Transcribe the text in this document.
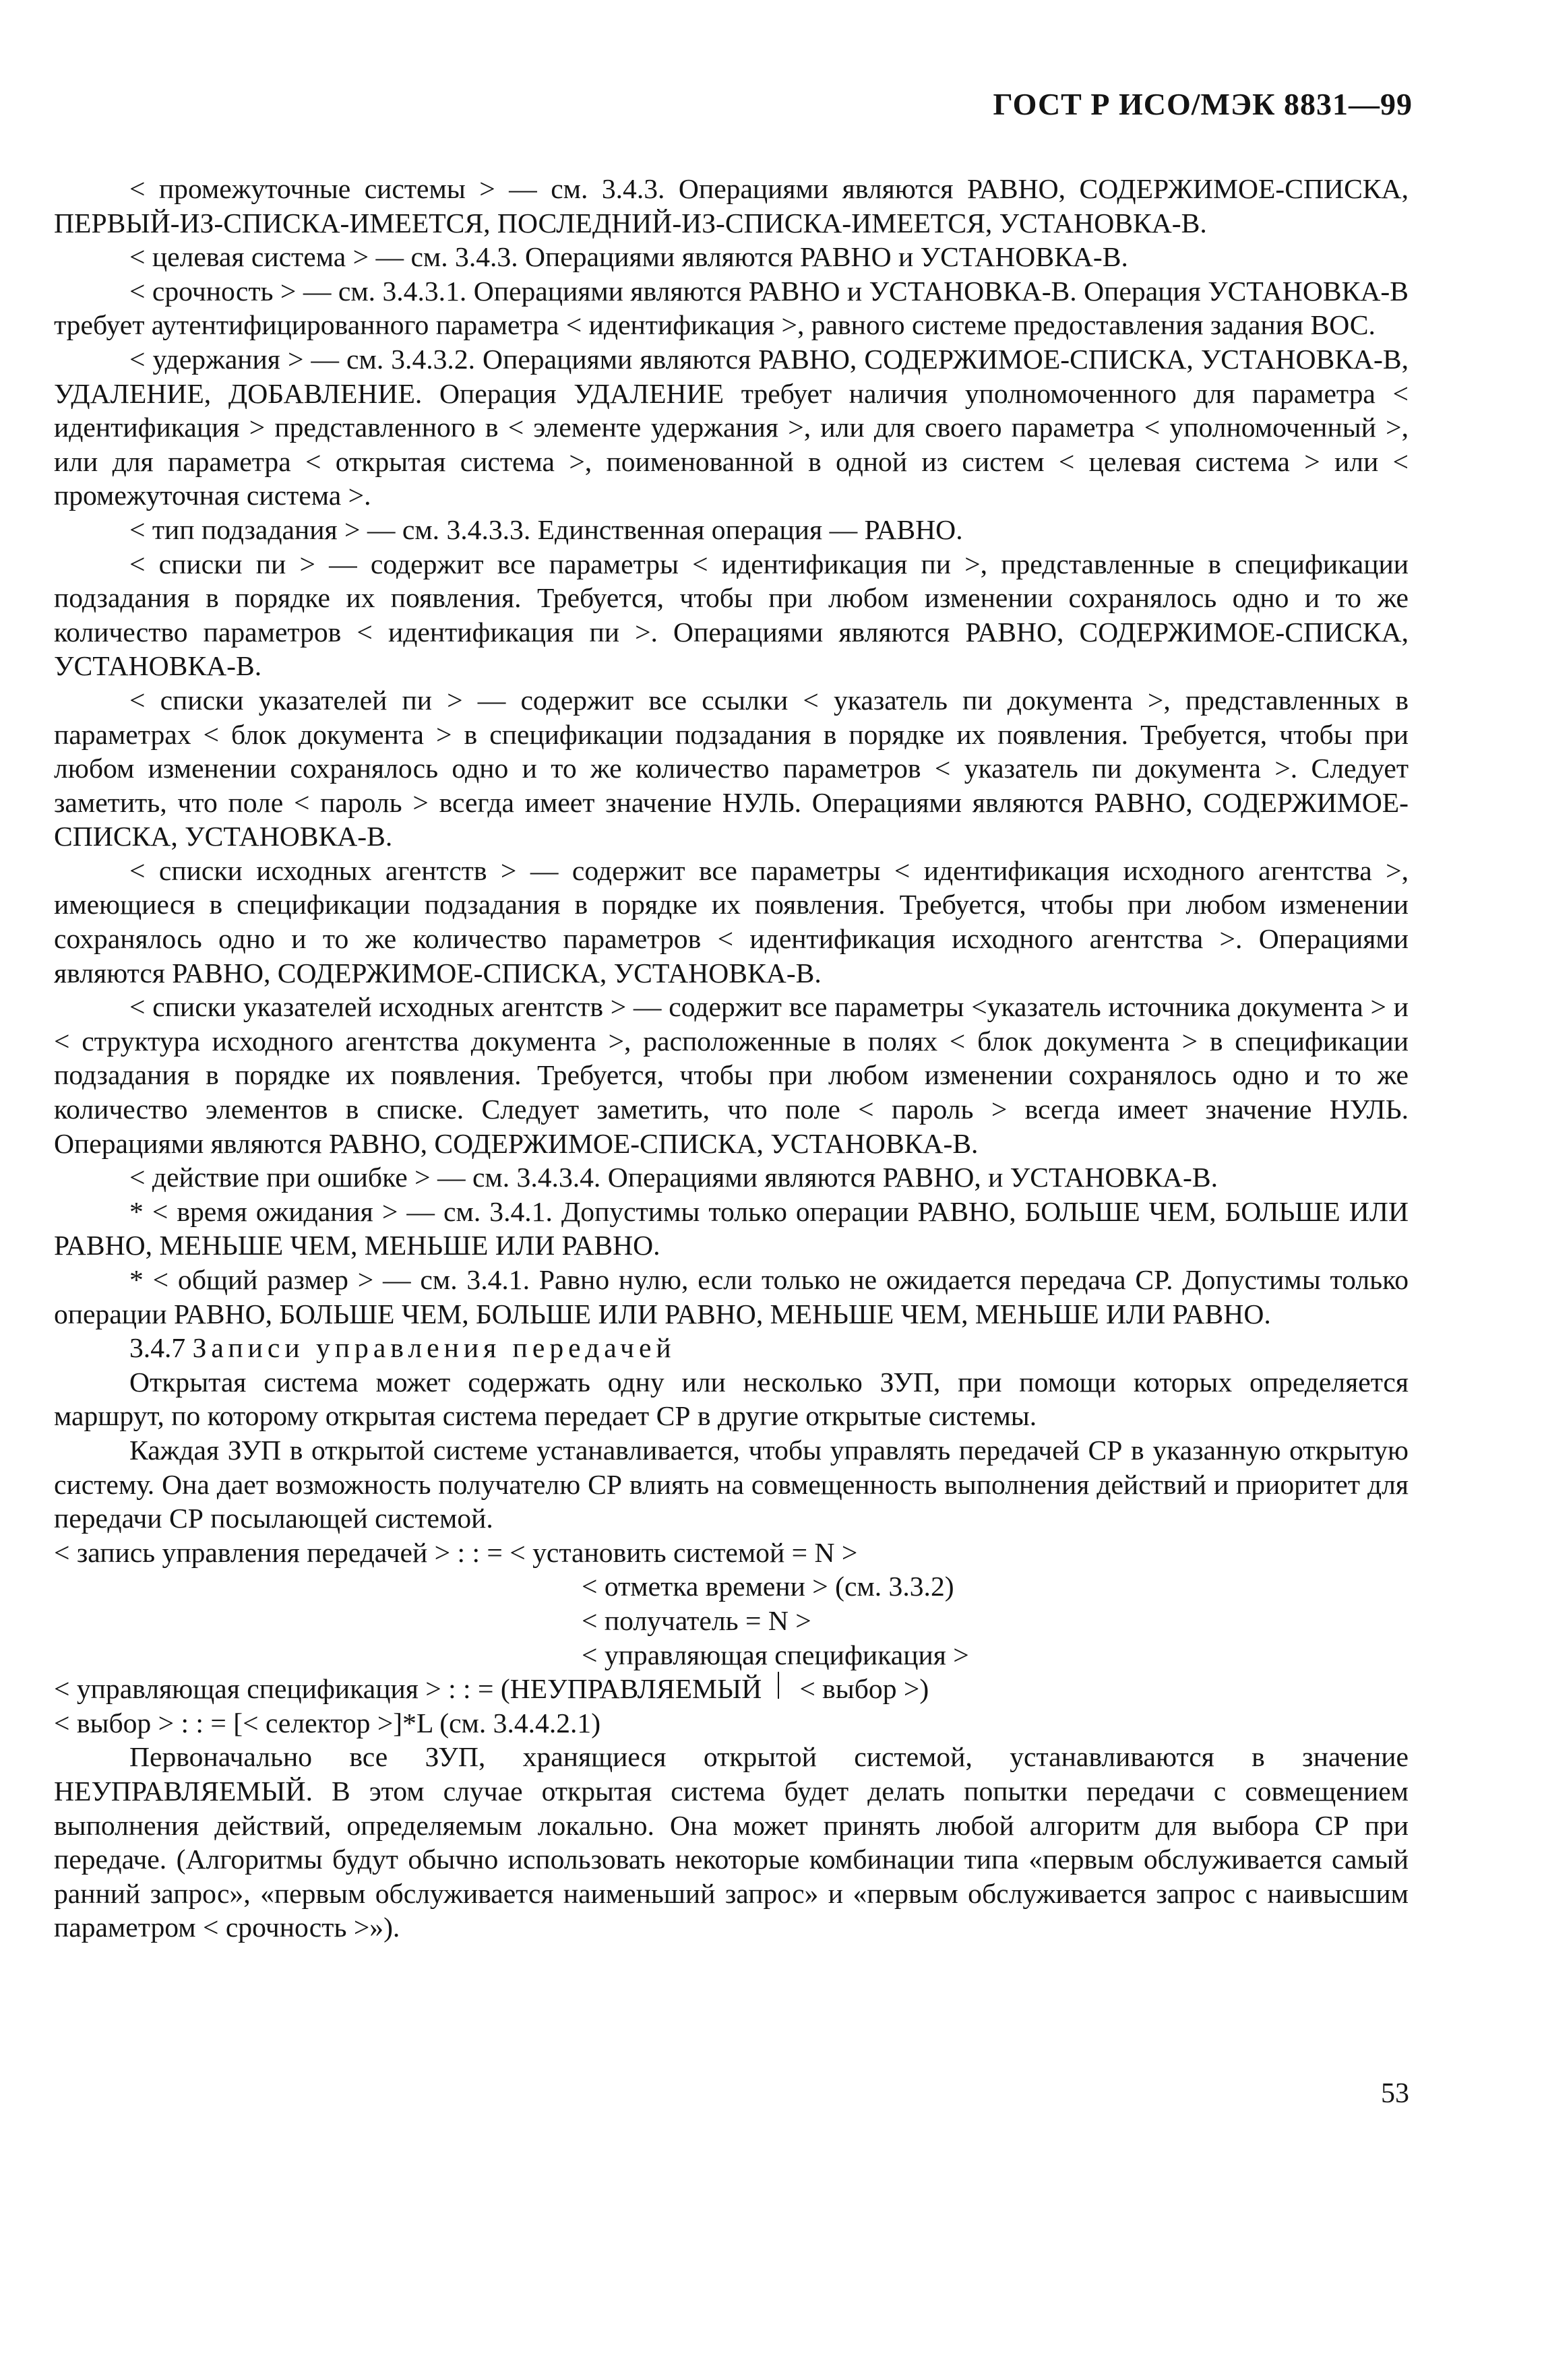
ГОСТ Р ИСО/МЭК 8831—99

< промежуточные системы > — см. 3.4.3. Операциями являются РАВНО, СОДЕРЖИМОЕ-СПИСКА, ПЕРВЫЙ-ИЗ-СПИСКА-ИМЕЕТСЯ, ПОСЛЕДНИЙ-ИЗ-СПИСКА-ИМЕЕТСЯ, УСТАНОВКА-В.

< целевая система > — см. 3.4.3. Операциями являются РАВНО и УСТАНОВКА-В.

< срочность > — см. 3.4.3.1. Операциями являются РАВНО и УСТАНОВКА-В. Операция УСТАНОВКА-В требует аутентифицированного параметра < идентификация >, равного системе предоставления задания ВОС.

< удержания > — см. 3.4.3.2. Операциями являются РАВНО, СОДЕРЖИМОЕ-СПИСКА, УСТАНОВКА-В, УДАЛЕНИЕ, ДОБАВЛЕНИЕ. Операция УДАЛЕНИЕ требует наличия уполномоченного для параметра < идентификация > представленного в < элементе удержания >, или для своего параметра < уполномоченный >, или для параметра < открытая система >, поименованной в одной из систем < целевая система > или < промежуточная система >.

< тип подзадания > — см. 3.4.3.3. Единственная операция — РАВНО.

< списки пи > — содержит все параметры < идентификация пи >, представленные в спецификации подзадания в порядке их появления. Требуется, чтобы при любом изменении сохранялось одно и то же количество параметров < идентификация пи >. Операциями являются РАВНО, СОДЕРЖИМОЕ-СПИСКА, УСТАНОВКА-В.

< списки указателей пи > — содержит все ссылки < указатель пи документа >, представленных в параметрах < блок документа > в спецификации подзадания в порядке их появления. Требуется, чтобы при любом изменении сохранялось одно и то же количество параметров < указатель пи документа >. Следует заметить, что поле < пароль > всегда имеет значение НУЛЬ. Операциями являются РАВНО, СОДЕРЖИМОЕ-СПИСКА, УСТАНОВКА-В.

< списки исходных агентств > — содержит все параметры < идентификация исходного агентства >, имеющиеся в спецификации подзадания в порядке их появления. Требуется, чтобы при любом изменении сохранялось одно и то же количество параметров < идентификация исходного агентства >. Операциями являются РАВНО, СОДЕРЖИМОЕ-СПИСКА, УСТАНОВКА-В.

< списки указателей исходных агентств > — содержит все параметры <указатель источника документа > и < структура исходного агентства документа >, расположенные в полях < блок документа > в спецификации подзадания в порядке их появления. Требуется, чтобы при любом изменении сохранялось одно и то же количество элементов в списке. Следует заметить, что поле < пароль > всегда имеет значение НУЛЬ. Операциями являются РАВНО, СОДЕРЖИМОЕ-СПИСКА, УСТАНОВКА-В.

< действие при ошибке > — см. 3.4.3.4. Операциями являются РАВНО, и УСТАНОВКА-В.

* < время ожидания > — см. 3.4.1. Допустимы только операции РАВНО, БОЛЬШЕ ЧЕМ, БОЛЬШЕ ИЛИ РАВНО, МЕНЬШЕ ЧЕМ, МЕНЬШЕ ИЛИ РАВНО.

* < общий размер > — см. 3.4.1. Равно нулю, если только не ожидается передача СР. Допустимы только операции РАВНО, БОЛЬШЕ ЧЕМ, БОЛЬШЕ ИЛИ РАВНО, МЕНЬШЕ ЧЕМ, МЕНЬШЕ ИЛИ РАВНО.

3.4.7 Записи управления передачей

Открытая система может содержать одну или несколько ЗУП, при помощи которых определяется маршрут, по которому открытая система передает СР в другие открытые системы.

Каждая ЗУП в открытой системе устанавливается, чтобы управлять передачей СР в указанную открытую систему. Она дает возможность получателю СР влиять на совмещенность выполнения действий и приоритет для передачи СР посылающей системой.

< запись управления передачей > : : = < установить системой = N >
< отметка времени > (см. 3.3.2)
< получатель = N >
< управляющая спецификация >
< управляющая спецификация > : : = (НЕУПРАВЛЯЕМЫЙ < выбор >)
< выбор > : : = [< селектор >]*L (см. 3.4.4.2.1)

Первоначально все ЗУП, хранящиеся открытой системой, устанавливаются в значение НЕУПРАВЛЯЕМЫЙ. В этом случае открытая система будет делать попытки передачи с совмещением выполнения действий, определяемым локально. Она может принять любой алгоритм для выбора СР при передаче. (Алгоритмы будут обычно использовать некоторые комбинации типа «первым обслуживается самый ранний запрос», «первым обслуживается наименьший запрос» и «первым обслуживается запрос с наивысшим параметром < срочность >»).

53
